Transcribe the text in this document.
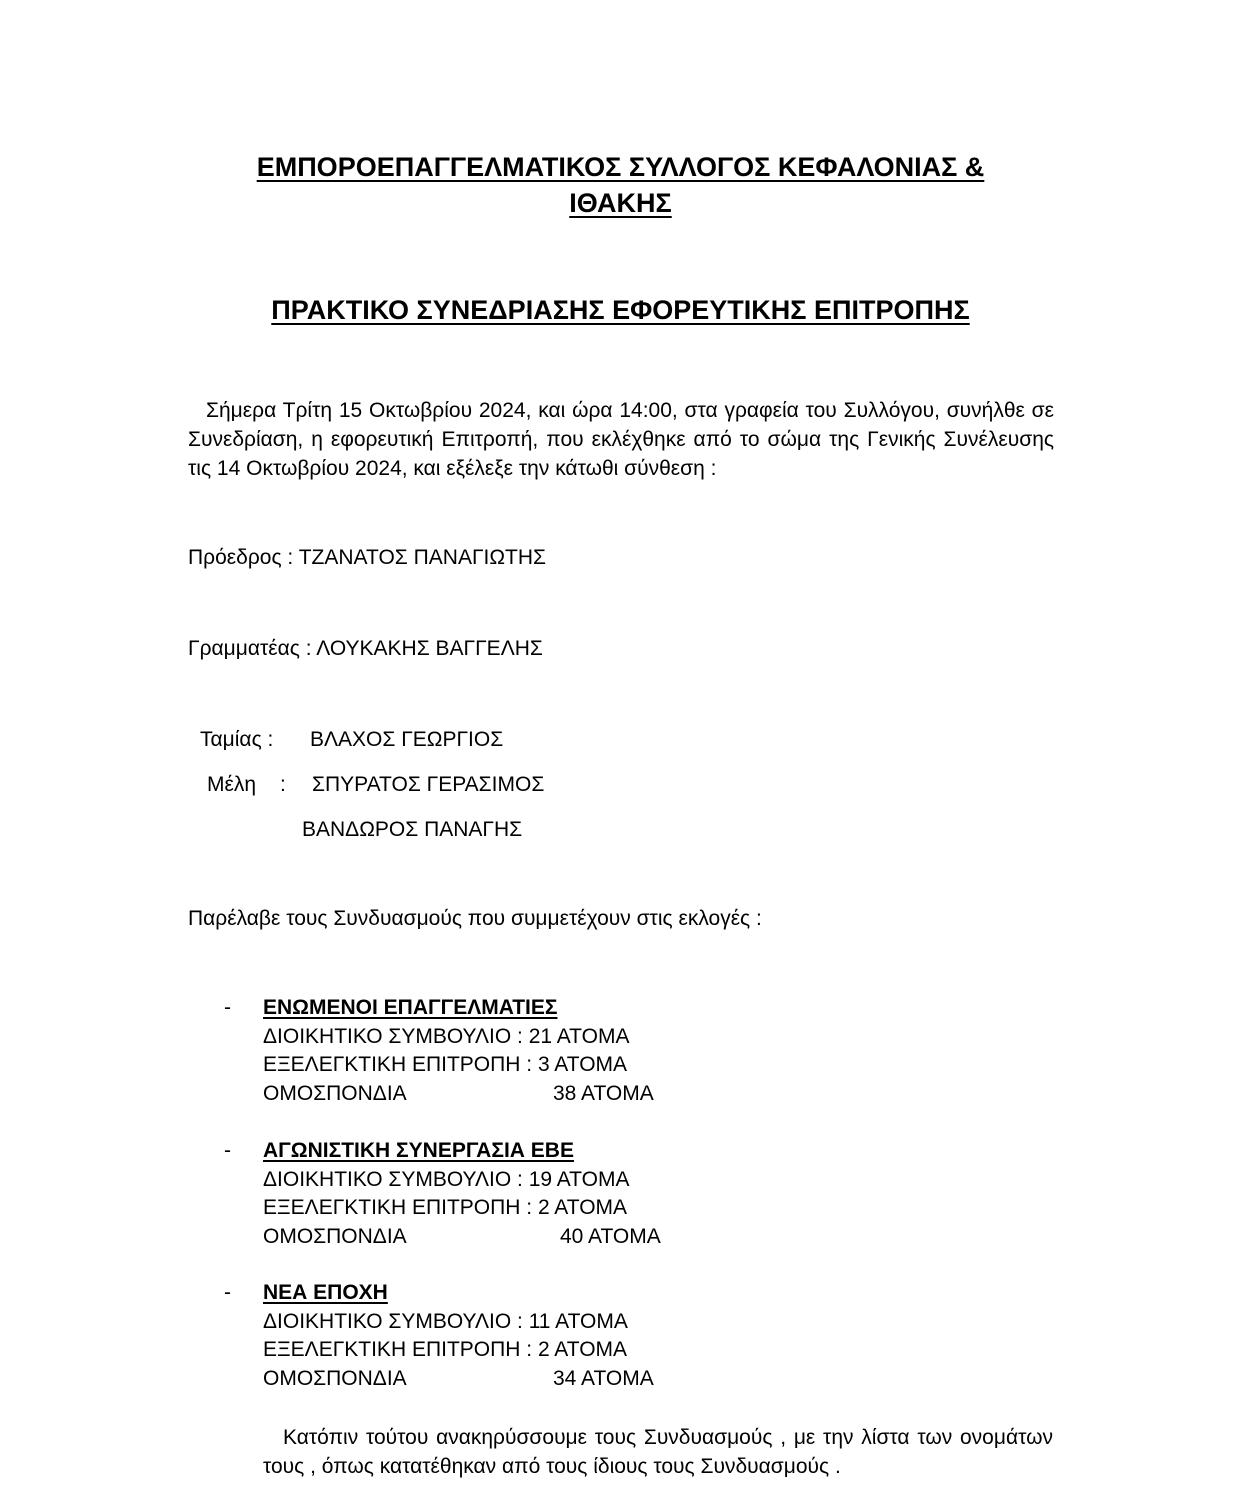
ΕΜΠΟΡΟΕΠΑΓΓΕΛΜΑΤΙΚΟΣ ΣΥΛΛΟΓΟΣ ΚΕΦΑΛΟΝΙΑΣ &
ΙΘΑΚΗΣ
ΠΡΑΚΤΙΚΟ ΣΥΝΕΔΡΙΑΣΗΣ ΕΦΟΡΕΥΤΙΚΗΣ ΕΠΙΤΡΟΠΗΣ

Σήμερα Τρίτη 15 Οκτωβρίου 2024, και ώρα 14:00, στα γραφεία του Συλλόγου, συνήλθε σε Συνεδρίαση, η εφορευτική Επιτροπή, που εκλέχθηκε από το σώμα της Γενικής Συνέλευσης τις 14 Οκτωβρίου 2024, και εξέλεξε την κάτωθι σύνθεση :

Πρόεδρος : ΤΖΑΝΑΤΟΣ ΠΑΝΑΓΙΩΤΗΣ
Γραμματέας : ΛΟΥΚΑΚΗΣ ΒΑΓΓΕΛΗΣ
Ταμίας : ΒΛΑΧΟΣ ΓΕΩΡΓΙΟΣ
Μέλη : ΣΠΥΡΑΤΟΣ ΓΕΡΑΣΙΜΟΣ
ΒΑΝΔΩΡΟΣ ΠΑΝΑΓΗΣ
Παρέλαβε τους Συνδυασμούς που συμμετέχουν στις εκλογές :
- ΕΝΩΜΕΝΟΙ ΕΠΑΓΓΕΛΜΑΤΙΕΣ
ΔΙΟΙΚΗΤΙΚΟ ΣΥΜΒΟΥΛΙΟ : 21 ΑΤΟΜΑ
ΕΞΕΛΕΓΚΤΙΚΗ ΕΠΙΤΡΟΠΗ : 3 ΑΤΟΜΑ
ΟΜΟΣΠΟΝΔΙΑ	38 ΑΤΟΜΑ
- ΑΓΩΝΙΣΤΙΚΗ ΣΥΝΕΡΓΑΣΙΑ ΕΒΕ
ΔΙΟΙΚΗΤΙΚΟ ΣΥΜΒΟΥΛΙΟ : 19 ΑΤΟΜΑ
ΕΞΕΛΕΓΚΤΙΚΗ ΕΠΙΤΡΟΠΗ : 2 ΑΤΟΜΑ
ΟΜΟΣΠΟΝΔΙΑ	40 ΑΤΟΜΑ
- ΝΕΑ ΕΠΟΧΗ
ΔΙΟΙΚΗΤΙΚΟ ΣΥΜΒΟΥΛΙΟ : 11 ΑΤΟΜΑ
ΕΞΕΛΕΓΚΤΙΚΗ ΕΠΙΤΡΟΠΗ : 2 ΑΤΟΜΑ
ΟΜΟΣΠΟΝΔΙΑ	34 ΑΤΟΜΑ

Κατόπιν τούτου ανακηρύσσουμε τους Συνδυασμούς , με την λίστα των ονομάτων τους , όπως κατατέθηκαν από τους ίδιους τους Συνδυασμούς .
